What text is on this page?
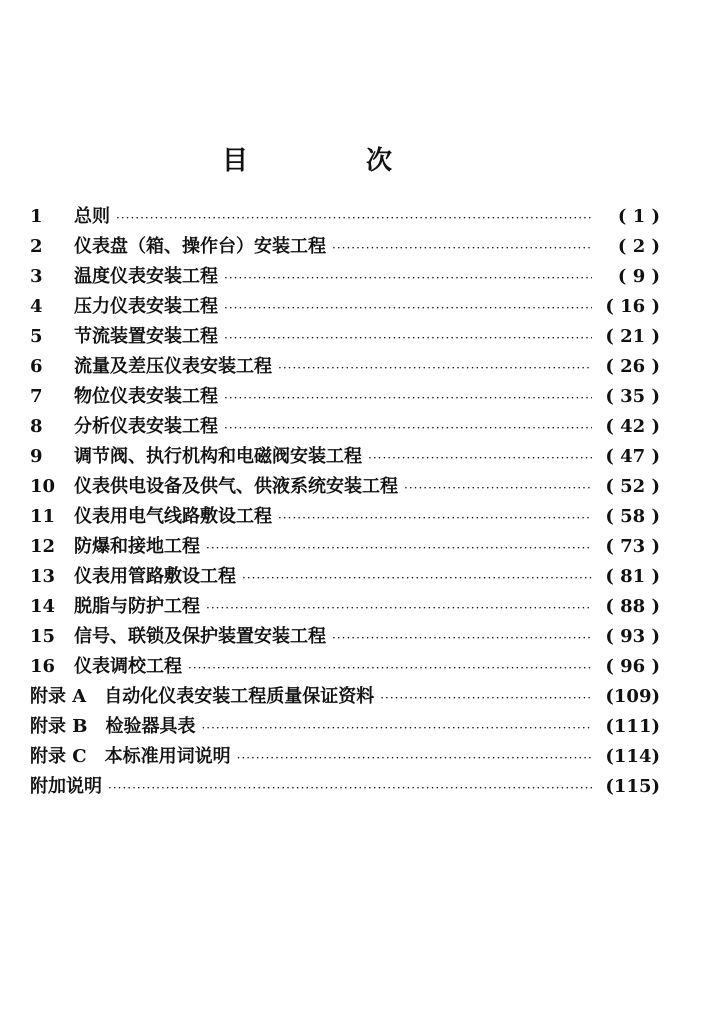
目　次
1	总则 ·····	( 1 )
2	仪表盘（箱、操作台）安装工程 ·····	( 2 )
3	温度仪表安装工程 ·····	( 9 )
4	压力仪表安装工程 ·····	( 16 )
5	节流装置安装工程 ·····	( 21 )
6	流量及差压仪表安装工程 ·····	( 26 )
7	物位仪表安装工程 ·····	( 35 )
8	分析仪表安装工程 ·····	( 42 )
9	调节阀、执行机构和电磁阀安装工程 ·····	( 47 )
10	仪表供电设备及供气、供液系统安装工程 ·····	( 52 )
11	仪表用电气线路敷设工程 ·····	( 58 )
12	防爆和接地工程 ·····	( 73 )
13	仪表用管路敷设工程 ·····	( 81 )
14	脱脂与防护工程 ·····	( 88 )
15	信号、联锁及保护装置安装工程 ·····	( 93 )
16	仪表调校工程 ·····	( 96 )
附录 A　自动化仪表安装工程质量保证资料 ·····	(109)
附录 B　检验器具表 ·····	(111)
附录 C　本标准用词说明 ·····	(114)
附加说明 ·····	(115)
